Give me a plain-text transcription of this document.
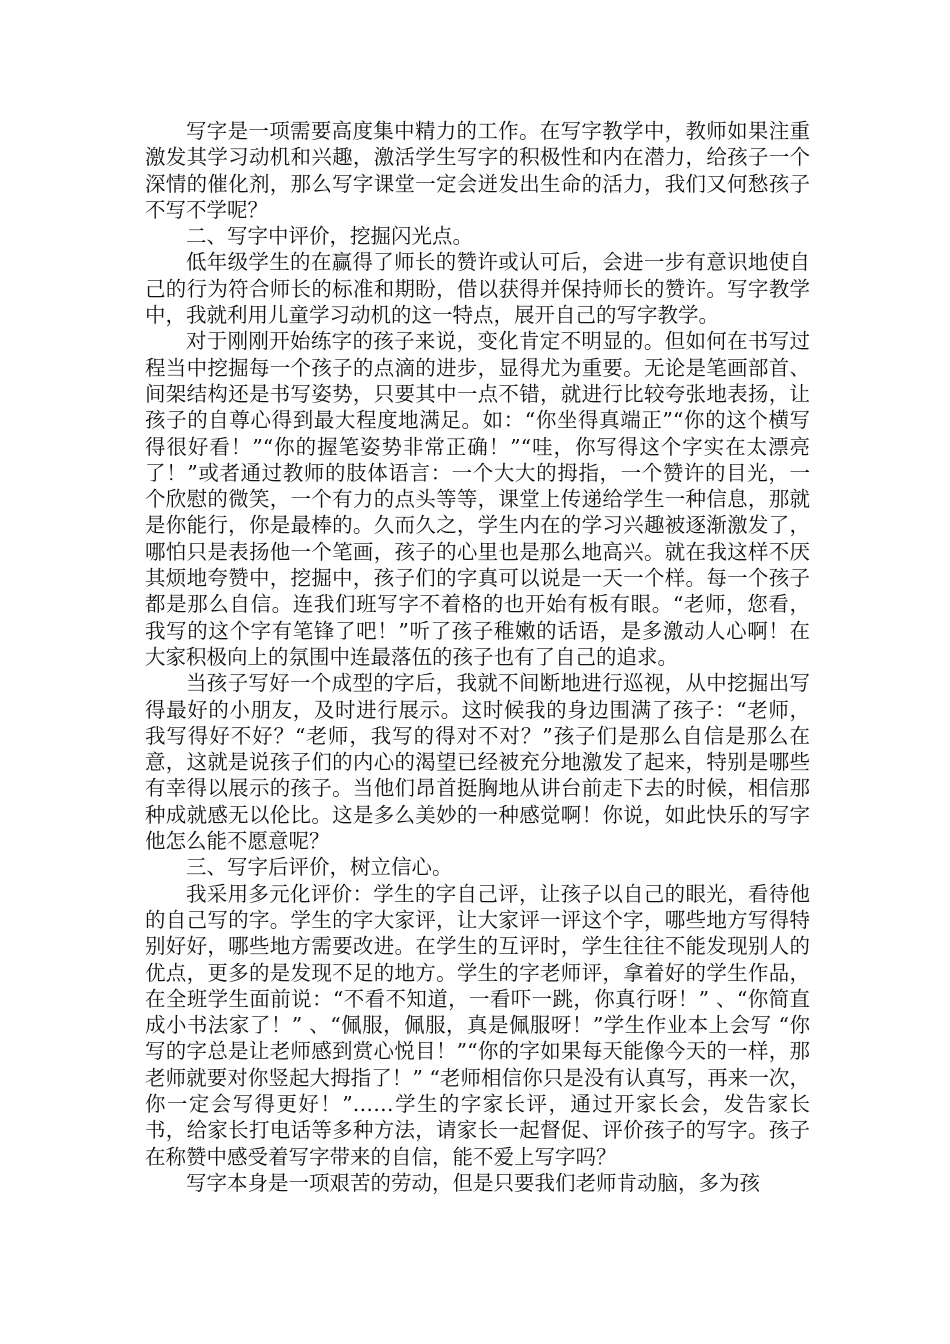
写字是一项需要高度集中精力的工作。在写字教学中，教师如果注重激发其学习动机和兴趣，激活学生写字的积极性和内在潜力，给孩子一个深情的催化剂，那么写字课堂一定会迸发出生命的活力，我们又何愁孩子不写不学呢？

二、写字中评价，挖掘闪光点。

低年级学生的在赢得了师长的赞许或认可后，会进一步有意识地使自己的行为符合师长的标准和期盼，借以获得并保持师长的赞许。写字教学中，我就利用儿童学习动机的这一特点，展开自己的写字教学。

对于刚刚开始练字的孩子来说，变化肯定不明显的。但如何在书写过程当中挖掘每一个孩子的点滴的进步，显得尤为重要。无论是笔画部首、间架结构还是书写姿势，只要其中一点不错，就进行比较夸张地表扬，让孩子的自尊心得到最大程度地满足。如：“你坐得真端正”“你的这个横写得很好看！”“你的握笔姿势非常正确！”“哇，你写得这个字实在太漂亮了！”或者通过教师的肢体语言：一个大大的拇指，一个赞许的目光，一个欣慰的微笑，一个有力的点头等等，课堂上传递给学生一种信息，那就是你能行，你是最棒的。久而久之，学生内在的学习兴趣被逐渐激发了，哪怕只是表扬他一个笔画，孩子的心里也是那么地高兴。就在我这样不厌其烦地夸赞中，挖掘中，孩子们的字真可以说是一天一个样。每一个孩子都是那么自信。连我们班写字不着格的也开始有板有眼。“老师，您看，我写的这个字有笔锋了吧！”听了孩子稚嫩的话语，是多激动人心啊！在大家积极向上的氛围中连最落伍的孩子也有了自己的追求。

当孩子写好一个成型的字后，我就不间断地进行巡视，从中挖掘出写得最好的小朋友，及时进行展示。这时候我的身边围满了孩子：“老师，我写得好不好？“老师，我写的得对不对？”孩子们是那么自信是那么在意，这就是说孩子们的内心的渴望已经被充分地激发了起来，特别是哪些有幸得以展示的孩子。当他们昂首挺胸地从讲台前走下去的时候，相信那种成就感无以伦比。这是多么美妙的一种感觉啊！你说，如此快乐的写字他怎么能不愿意呢？

三、写字后评价，树立信心。

我采用多元化评价：学生的字自己评，让孩子以自己的眼光，看待他的自己写的字。学生的字大家评，让大家评一评这个字，哪些地方写得特别好好，哪些地方需要改进。在学生的互评时，学生往往不能发现别人的优点，更多的是发现不足的地方。学生的字老师评，拿着好的学生作品，在全班学生面前说：“不看不知道，一看吓一跳，你真行呀！” 、“你简直成小书法家了！” 、“佩服，佩服，真是佩服呀！”学生作业本上会写 “你写的字总是让老师感到赏心悦目！”“你的字如果每天能像今天的一样，那老师就要对你竖起大拇指了！” “老师相信你只是没有认真写，再来一次，你一定会写得更好！”……学生的字家长评，通过开家长会，发告家长书，给家长打电话等多种方法，请家长一起督促、评价孩子的写字。孩子在称赞中感受着写字带来的自信，能不爱上写字吗？

写字本身是一项艰苦的劳动，但是只要我们老师肯动脑，多为孩
